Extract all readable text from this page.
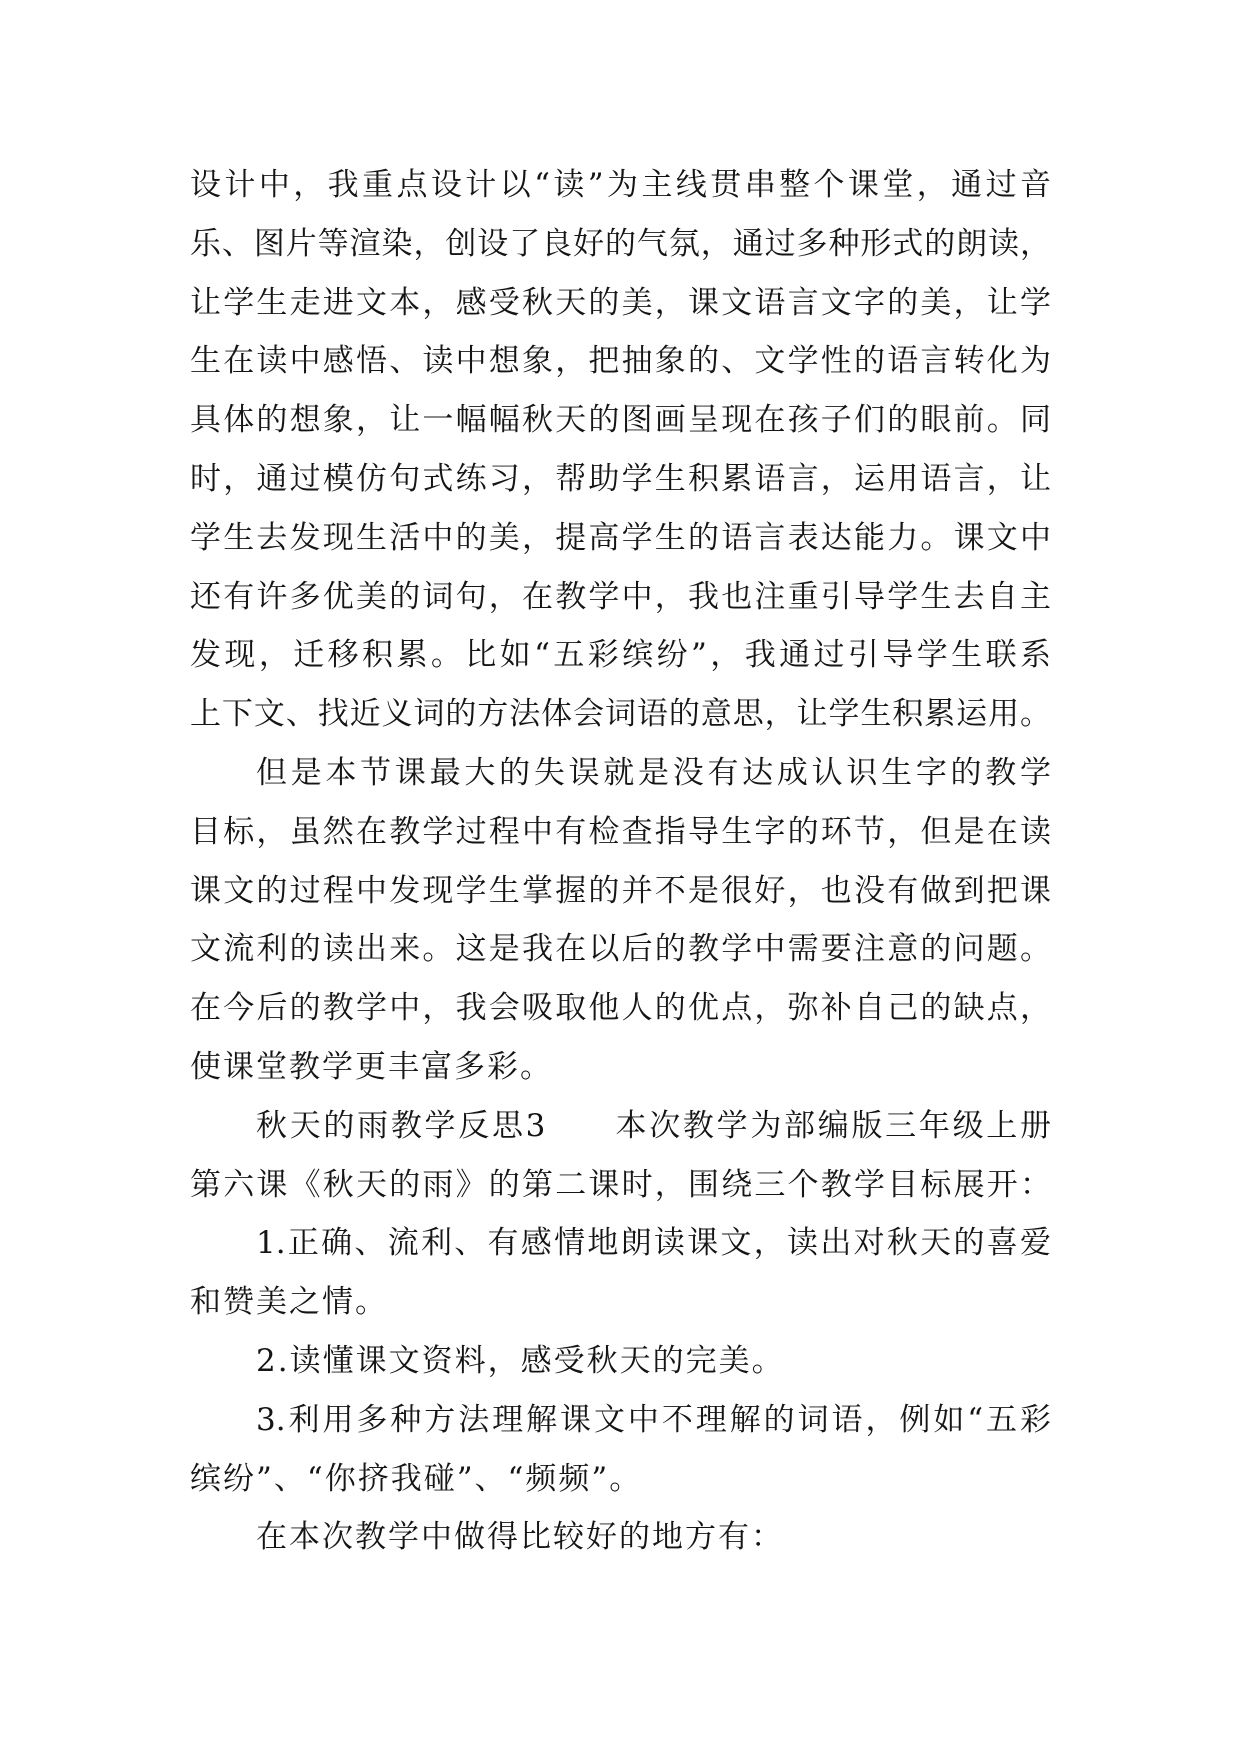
设计中，我重点设计以“读”为主线贯串整个课堂，通过音
乐、图片等渲染，创设了良好的气氛，通过多种形式的朗读，
让学生走进文本，感受秋天的美，课文语言文字的美，让学
生在读中感悟、读中想象，把抽象的、文学性的语言转化为
具体的想象，让一幅幅秋天的图画呈现在孩子们的眼前。同
时，通过模仿句式练习，帮助学生积累语言，运用语言，让
学生去发现生活中的美，提高学生的语言表达能力。课文中
还有许多优美的词句，在教学中，我也注重引导学生去自主
发现，迁移积累。比如“五彩缤纷”，我通过引导学生联系
上下文、找近义词的方法体会词语的意思，让学生积累运用。
但是本节课最大的失误就是没有达成认识生字的教学
目标，虽然在教学过程中有检查指导生字的环节，但是在读
课文的过程中发现学生掌握的并不是很好，也没有做到把课
文流利的读出来。这是我在以后的教学中需要注意的问题。
在今后的教学中，我会吸取他人的优点，弥补自己的缺点，
使课堂教学更丰富多彩。
秋天的雨教学反思3　　本次教学为部编版三年级上册
第六课《秋天的雨》的第二课时，围绕三个教学目标展开：
1.正确、流利、有感情地朗读课文，读出对秋天的喜爱
和赞美之情。
2.读懂课文资料，感受秋天的完美。
3.利用多种方法理解课文中不理解的词语，例如“五彩
缤纷”、“你挤我碰”、“频频”。
在本次教学中做得比较好的地方有：
